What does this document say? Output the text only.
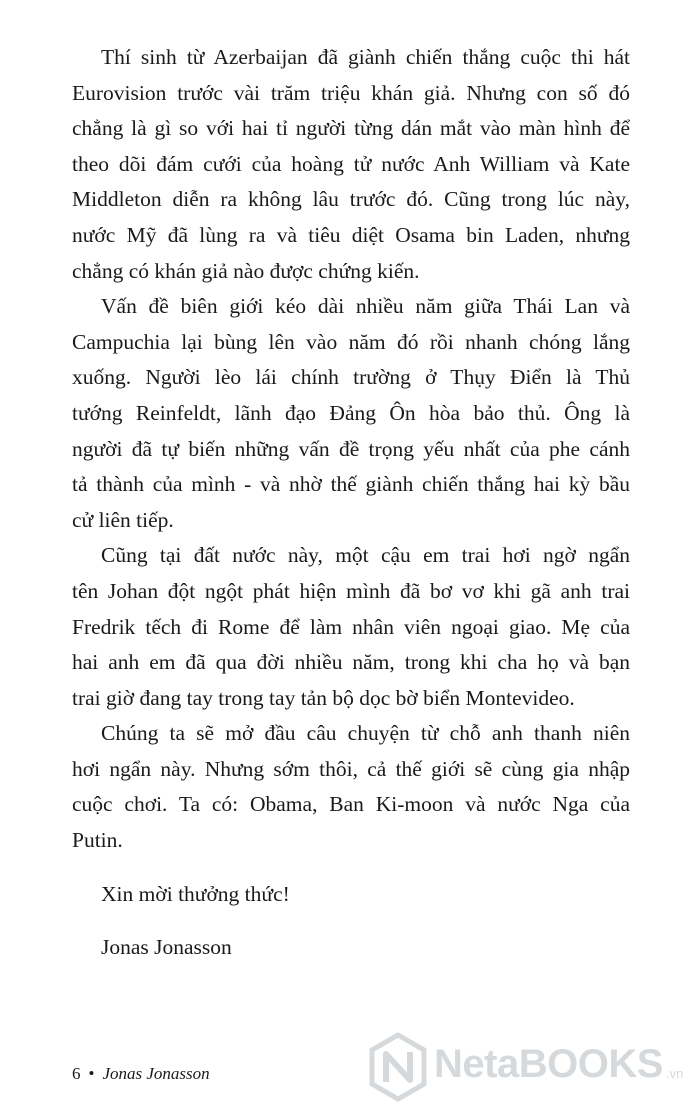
Thí sinh từ Azerbaijan đã giành chiến thắng cuộc thi hát
Eurovision trước vài trăm triệu khán giả. Nhưng con số đó
chẳng là gì so với hai tỉ người từng dán mắt vào màn hình để
theo dõi đám cưới của hoàng tử nước Anh William và Kate
Middleton diễn ra không lâu trước đó. Cũng trong lúc này,
nước Mỹ đã lùng ra và tiêu diệt Osama bin Laden, nhưng
chẳng có khán giả nào được chứng kiến.

Vấn đề biên giới kéo dài nhiều năm giữa Thái Lan và
Campuchia lại bùng lên vào năm đó rồi nhanh chóng lắng
xuống. Người lèo lái chính trường ở Thụy Điển là Thủ
tướng Reinfeldt, lãnh đạo Đảng Ôn hòa bảo thủ. Ông là
người đã tự biến những vấn đề trọng yếu nhất của phe cánh
tả thành của mình - và nhờ thế giành chiến thắng hai kỳ bầu
cử liên tiếp.

Cũng tại đất nước này, một cậu em trai hơi ngờ ngẩn
tên Johan đột ngột phát hiện mình đã bơ vơ khi gã anh trai
Fredrik tếch đi Rome để làm nhân viên ngoại giao. Mẹ của
hai anh em đã qua đời nhiều năm, trong khi cha họ và bạn
trai giờ đang tay trong tay tản bộ dọc bờ biển Montevideo.

Chúng ta sẽ mở đầu câu chuyện từ chỗ anh thanh niên
hơi ngẩn này. Nhưng sớm thôi, cả thế giới sẽ cùng gia nhập
cuộc chơi. Ta có: Obama, Ban Ki-moon và nước Nga của
Putin.

Xin mời thưởng thức!

Jonas Jonasson

6 • Jonas Jonasson	NetaBOOKS .vn
